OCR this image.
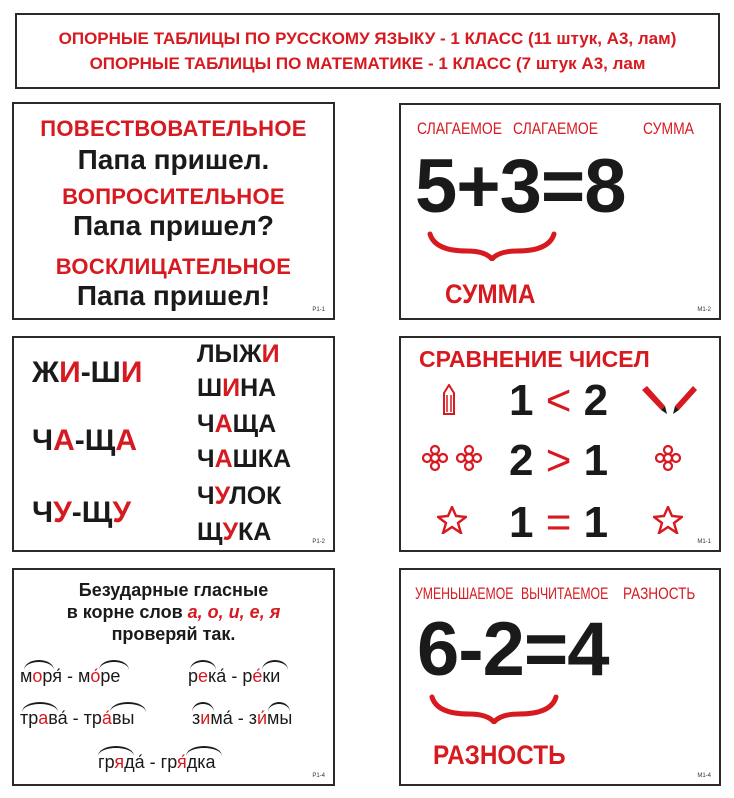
ОПОРНЫЕ ТАБЛИЦЫ ПО РУССКОМУ ЯЗЫКУ - 1 КЛАСС (11 штук, А3, лам)
ОПОРНЫЕ ТАБЛИЦЫ ПО МАТЕМАТИКЕ - 1 КЛАСС (7 штук А3, лам
ПОВЕСТВОВАТЕЛЬНОЕ
Папа пришел.
ВОПРОСИТЕЛЬНОЕ
Папа пришел?
ВОСКЛИЦАТЕЛЬНОЕ
Папа пришел!	Р1-1
СЛАГАЕМОЕ СЛАГАЕМОЕ	СУММА
5+3=8
СУММА
М1-2
ЖИ-ШИ
ЧА-ЩА
ЧУ-ЩУ
ЛЫЖИ
ШИНА
ЧАЩА
ЧАШКА
ЧУЛОК
ЩУКА	Р1-2
СРАВНЕНИЕ ЧИСЕЛ
1 < 2
2 > 1
1 = 1	М1-1
Безударные гласные
в корне слов а, о, и, е, я
проверяй так.
моря́ - мо́ре	река́ - ре́ки
трава́ - тра́вы	зима́ - зи́мы
гряда́ - гря́дка
Р1-4
УМЕНЬШАЕМОЕ ВЫЧИТАЕМОЕ РАЗНОСТЬ
6-2=4
РАЗНОСТЬ
М1-4
